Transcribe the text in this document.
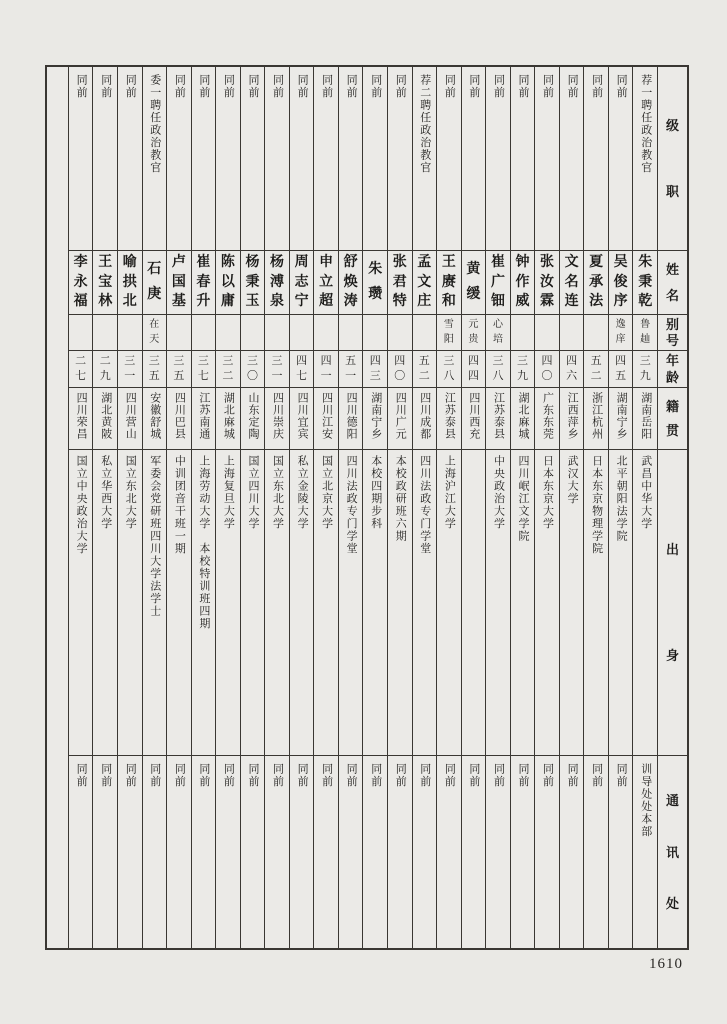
级
职
姓
名
别
号
年
龄
籍
贯
出
身
通
讯
处
荐一聘任政治教官
朱
秉
乾
鲁
赸
三
九
湖南岳阳
武昌中华大学
训导处处本部
同前
吴
俊
序
逸
庠
四
五
湖南宁乡
北平朝阳法学院
同前
同前
夏
承
法
五
二
浙江杭州
日本东京物理学院
同前
同前
文
名
连
四
六
江西萍乡
武汉大学
同前
同前
张
汝
霖
四
〇
广东东莞
日本东京大学
同前
同前
钟
作
威
三
九
湖北麻城
四川岷江文学院
同前
同前
崔
广
钿
心
培
三
八
江苏泰县
中央政治大学
同前
同前
黄
缓
元
贵
四
四
四川西充
同前
同前
王
赓
和
雪
阳
三
八
江苏泰县
上海沪江大学
同前
荐二聘任政治教官
孟
文
庄
五
二
四川成都
四川法政专门学堂
同前
同前
张
君
特
四
〇
四川广元
本校政研班六期
同前
同前
朱
瓒
四
三
湖南宁乡
本校四期步科
同前
同前
舒
焕
涛
五
一
四川德阳
四川法政专门学堂
同前
同前
申
立
超
四
一
四川江安
国立北京大学
同前
同前
周
志
宁
四
七
四川宜宾
私立金陵大学
同前
同前
杨
溥
泉
三
一
四川崇庆
国立东北大学
同前
同前
杨
秉
玉
三
〇
山东定陶
国立四川大学
同前
同前
陈
以
庸
三
二
湖北麻城
上海复旦大学
同前
同前
崔
春
升
三
七
江苏南通
上海劳动大学　本校特训班四期
同前
同前
卢
国
基
三
五
四川巴县
中训团音干班一期
同前
委一聘任政治教官
石
庚
在
天
三
五
安徽舒城
军委会党研班四川大学法学士
同前
同前
喻
拱
北
三
一
四川营山
国立东北大学
同前
同前
王
宝
林
二
九
湖北黄陂
私立华西大学
同前
同前
李
永
福
二
七
四川荣昌
国立中央政治大学
同前
1610
